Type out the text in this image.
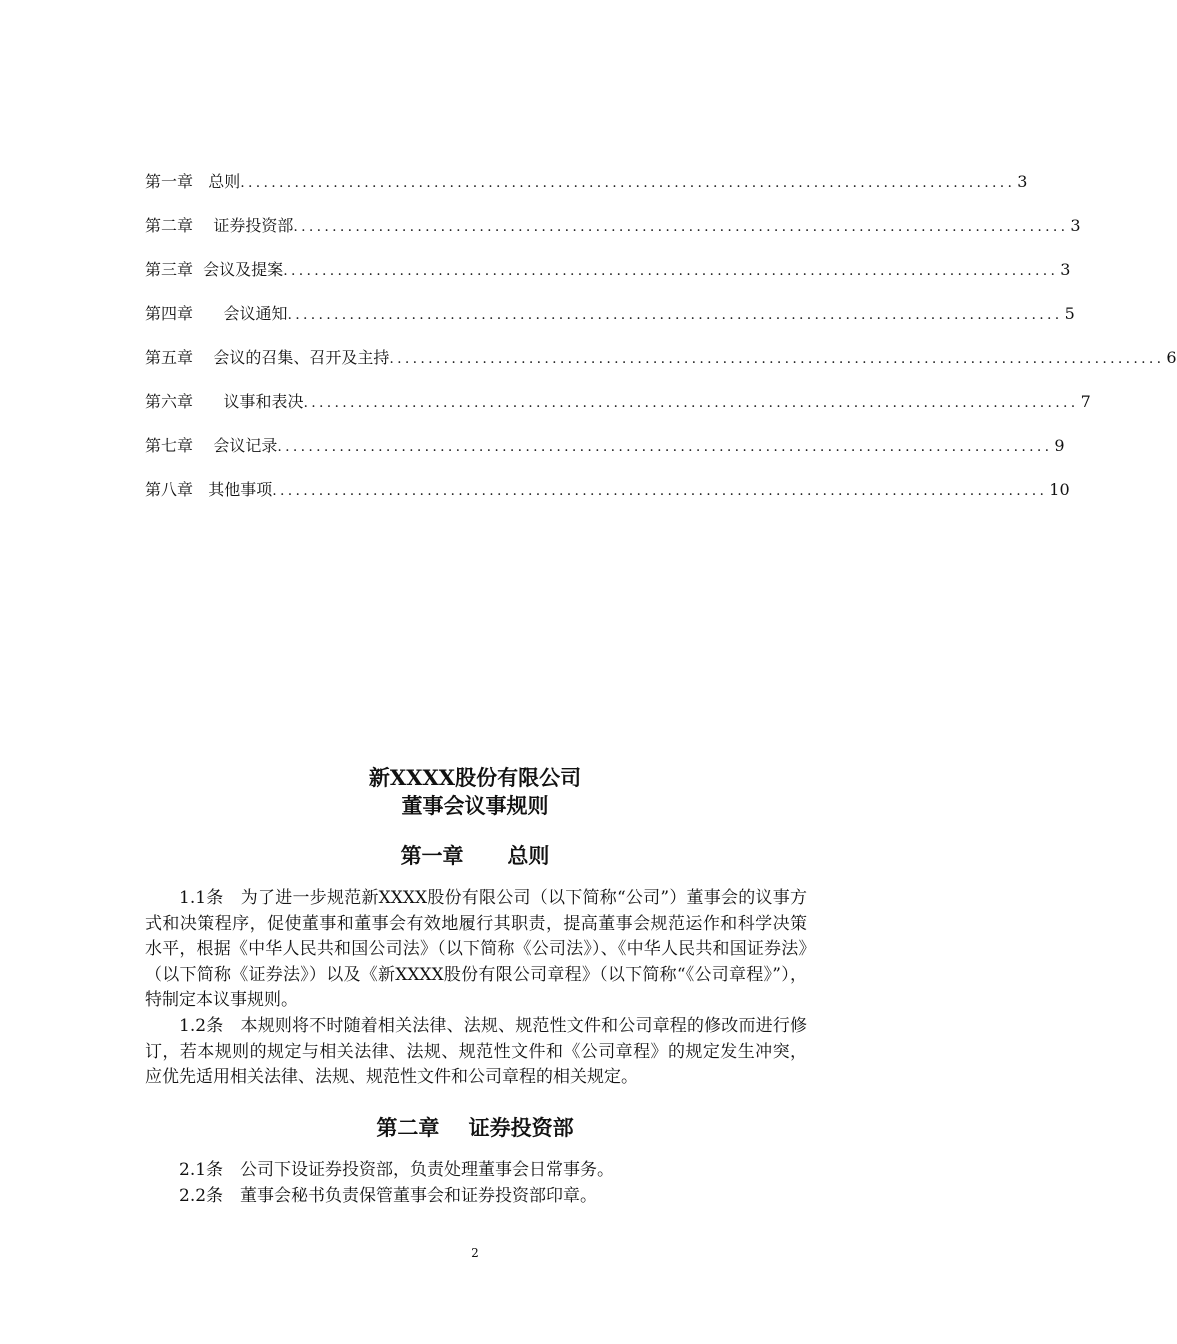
第一章   总则 .................................................................................................... 3
第二章    证券投资部 .................................................................................................... 3
第三章  会议及提案 .................................................................................................... 3
第四章      会议通知 .................................................................................................... 5
第五章    会议的召集、召开及主持 .................................................................................................... 6
第六章      议事和表决 .................................................................................................... 7
第七章    会议记录 .................................................................................................... 9
第八章   其他事项 .................................................................................................... 10
新XXXX股份有限公司
董事会议事规则
第一章      总则

1.1条　为了进一步规范新XXXX股份有限公司（以下简称“公司”）董事会的议事方式和决策程序，促使董事和董事会有效地履行其职责，提高董事会规范运作和科学决策水平，根据《中华人民共和国公司法》（以下简称《公司法》）、《中华人民共和国证券法》（以下简称《证券法》）以及《新XXXX股份有限公司章程》（以下简称“《公司章程》”），特制定本议事规则。

1.2条　本规则将不时随着相关法律、法规、规范性文件和公司章程的修改而进行修订，若本规则的规定与相关法律、法规、规范性文件和《公司章程》的规定发生冲突，应优先适用相关法律、法规、规范性文件和公司章程的相关规定。

第二章    证券投资部

2.1条　公司下设证券投资部，负责处理董事会日常事务。

2.2条　董事会秘书负责保管董事会和证券投资部印章。

2
